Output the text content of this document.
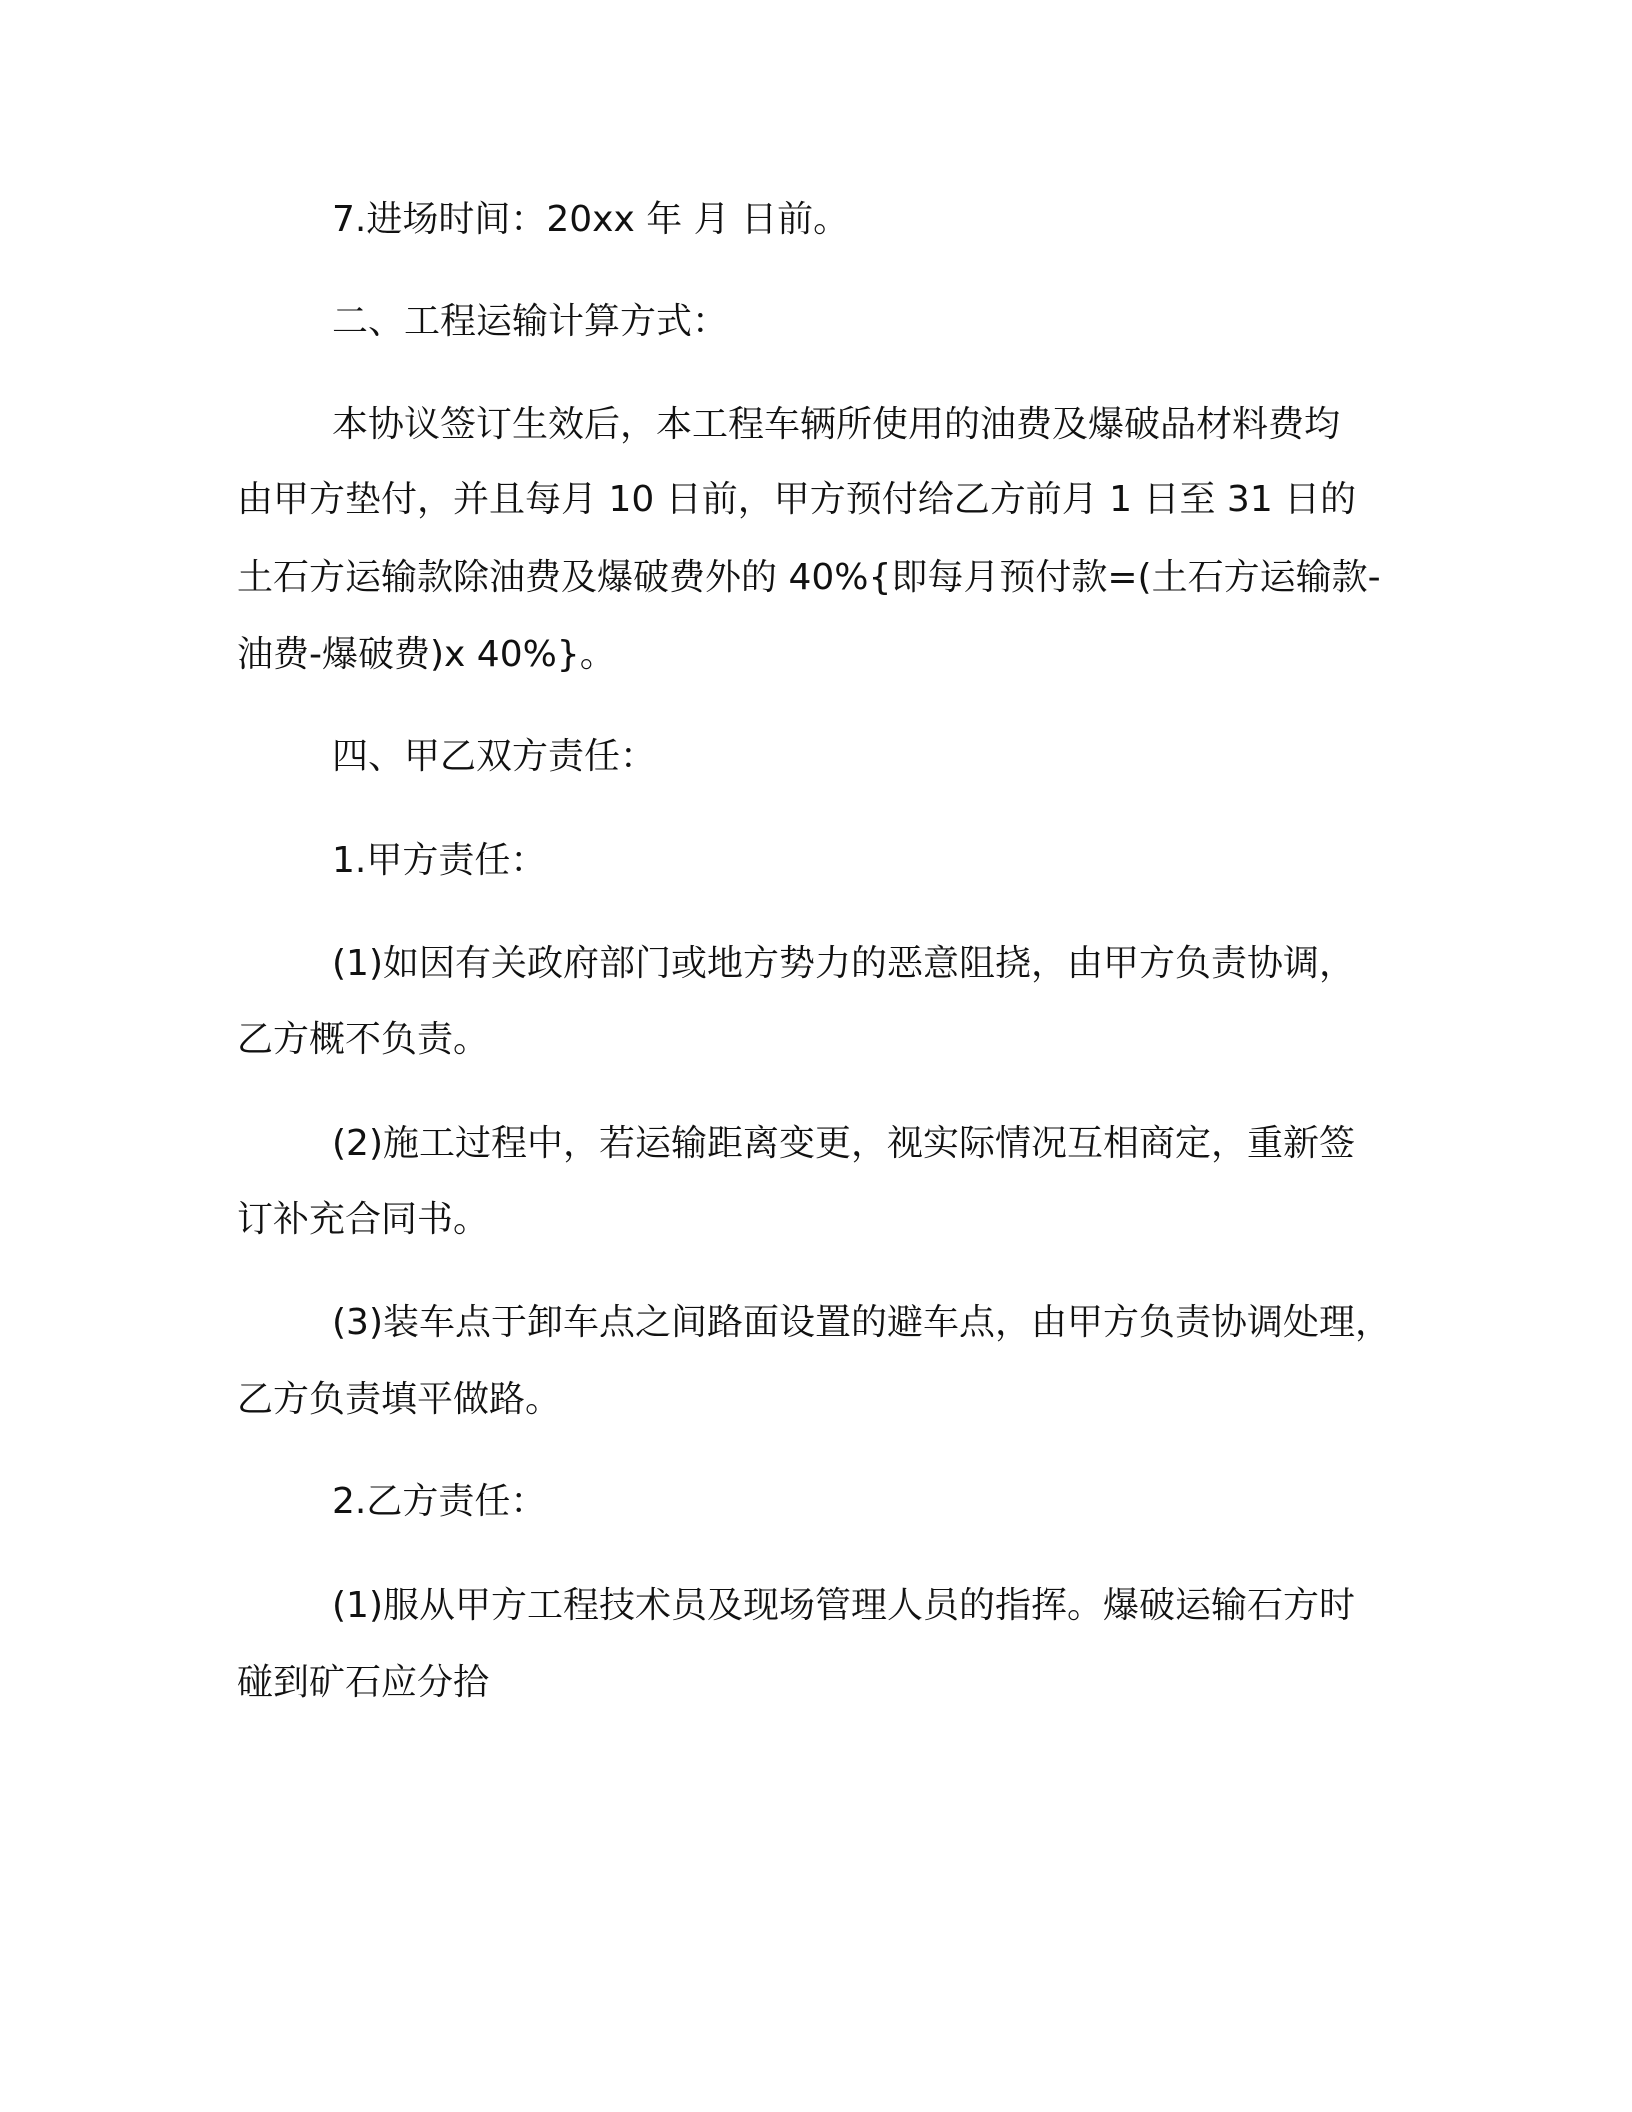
7.进场时间：20xx 年 月 日前。
二、工程运输计算方式：
本协议签订生效后，本工程车辆所使用的油费及爆破品材料费均
由甲方垫付，并且每月 10 日前，甲方预付给乙方前月 1 日至 31 日的
土石方运输款除油费及爆破费外的 40%{即每月预付款=(土石方运输款-
油费-爆破费)x 40%}。
四、甲乙双方责任：
1.甲方责任：
(1)如因有关政府部门或地方势力的恶意阻挠，由甲方负责协调，
乙方概不负责。
(2)施工过程中，若运输距离变更，视实际情况互相商定，重新签
订补充合同书。
(3)装车点于卸车点之间路面设置的避车点，由甲方负责协调处理，
乙方负责填平做路。
2.乙方责任：
(1)服从甲方工程技术员及现场管理人员的指挥。爆破运输石方时
碰到矿石应分拾
